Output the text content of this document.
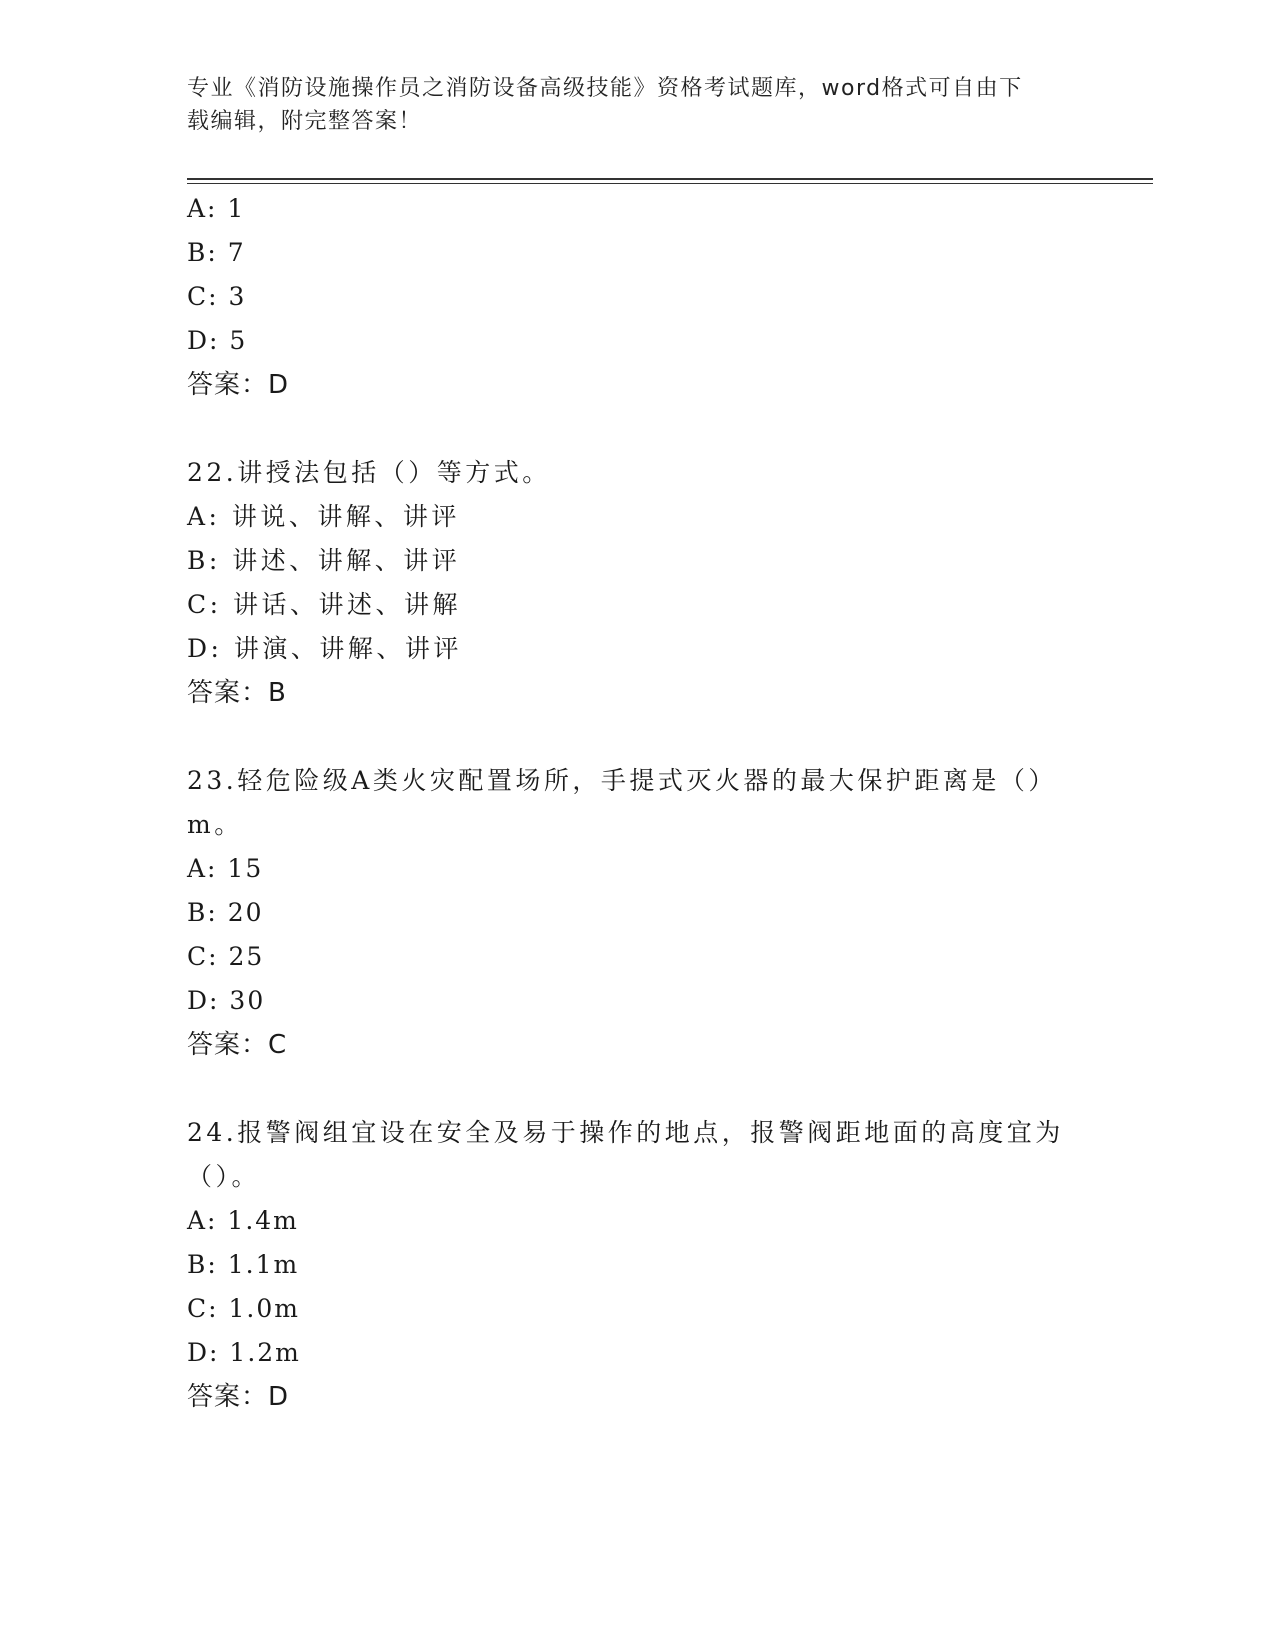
专业《消防设施操作员之消防设备高级技能》资格考试题库，word格式可自由下
载编辑，附完整答案！
A: 1
B: 7
C: 3
D: 5
答案：D
22.讲授法包括（）等方式。
A: 讲说、讲解、讲评
B: 讲述、讲解、讲评
C: 讲话、讲述、讲解
D: 讲演、讲解、讲评
答案：B
23.轻危险级A类火灾配置场所，手提式灭火器的最大保护距离是（）
m。
A: 15
B: 20
C: 25
D: 30
答案：C
24.报警阀组宜设在安全及易于操作的地点，报警阀距地面的高度宜为
（）。
A: 1.4m
B: 1.1m
C: 1.0m
D: 1.2m
答案：D
